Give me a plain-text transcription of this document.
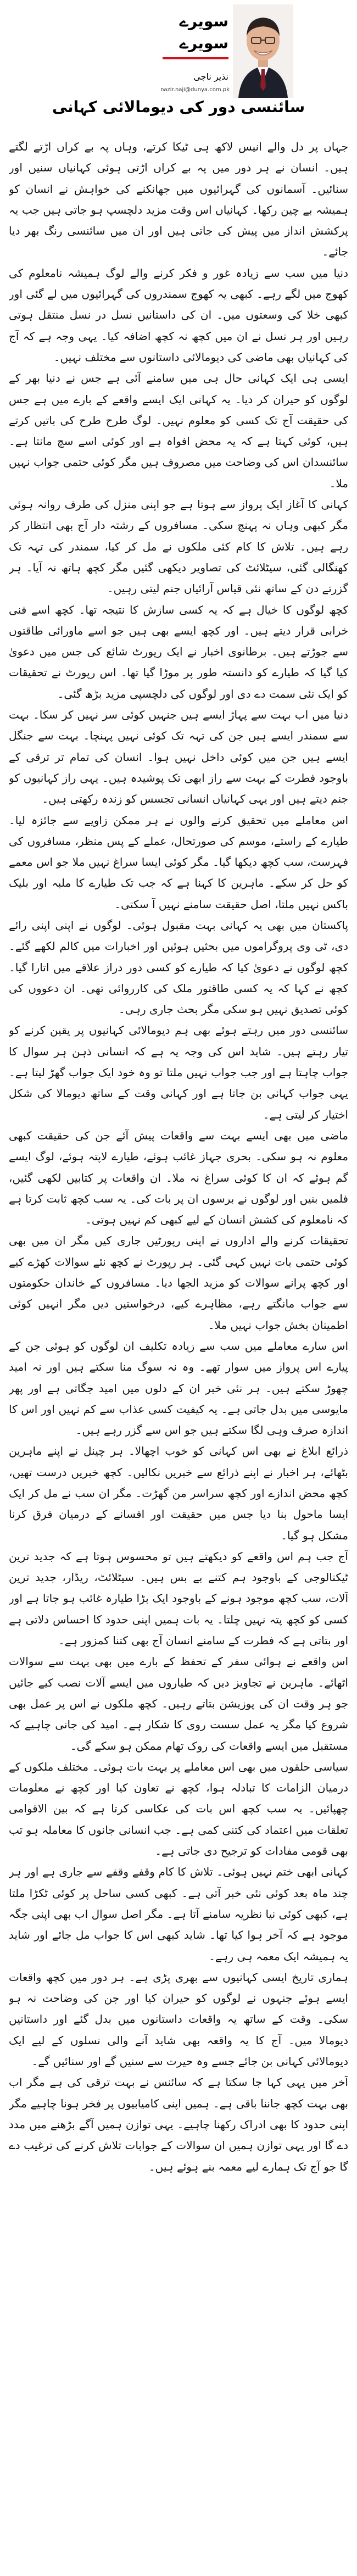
سویرے
سویرے
نذیر ناجی
nazir.naji@dunya.com.pk
سائنسی دور کی دیومالائی کہانی

جہاں پر دل والے انیس لاکھ ہی ٹیکا کرتے، وہاں پہ بے کراں اڑتے لگتے ہیں۔ انسان نے ہر دور میں پہ بے کراں اڑتی ہوئی کہانیاں سنیں اور سنائیں۔ آسمانوں کی گہرائیوں میں جھانکنے کی خواہش نے انسان کو ہمیشہ بے چین رکھا۔ کہانیاں اس وقت مزید دلچسپ ہو جاتی ہیں جب یہ پرکشش انداز میں پیش کی جاتی ہیں اور ان میں سائنسی رنگ بھر دیا جائے۔

دنیا میں سب سے زیادہ غور و فکر کرنے والے لوگ ہمیشہ نامعلوم کی کھوج میں لگے رہے۔ کبھی یہ کھوج سمندروں کی گہرائیوں میں لے گئی اور کبھی خلا کی وسعتوں میں۔ ان کی داستانیں نسل در نسل منتقل ہوتی رہیں اور ہر نسل نے ان میں کچھ نہ کچھ اضافہ کیا۔ یہی وجہ ہے کہ آج کی کہانیاں بھی ماضی کی دیومالائی داستانوں سے مختلف نہیں۔

ایسی ہی ایک کہانی حال ہی میں سامنے آئی ہے جس نے دنیا بھر کے لوگوں کو حیران کر دیا۔ یہ کہانی ایک ایسے واقعے کے بارے میں ہے جس کی حقیقت آج تک کسی کو معلوم نہیں۔ لوگ طرح طرح کی باتیں کرتے ہیں، کوئی کہتا ہے کہ یہ محض افواہ ہے اور کوئی اسے سچ مانتا ہے۔ سائنسدان اس کی وضاحت میں مصروف ہیں مگر کوئی حتمی جواب نہیں ملا۔

کہانی کا آغاز ایک پرواز سے ہوتا ہے جو اپنی منزل کی طرف روانہ ہوئی مگر کبھی وہاں نہ پہنچ سکی۔ مسافروں کے رشتہ دار آج بھی انتظار کر رہے ہیں۔ تلاش کا کام کئی ملکوں نے مل کر کیا، سمندر کی تہہ تک کھنگالی گئی، سیٹلائٹ کی تصاویر دیکھی گئیں مگر کچھ ہاتھ نہ آیا۔ ہر گزرتے دن کے ساتھ نئی قیاس آرائیاں جنم لیتی رہیں۔

کچھ لوگوں کا خیال ہے کہ یہ کسی سازش کا نتیجہ تھا۔ کچھ اسے فنی خرابی قرار دیتے ہیں۔ اور کچھ ایسے بھی ہیں جو اسے ماورائی طاقتوں سے جوڑتے ہیں۔ برطانوی اخبار نے ایک رپورٹ شائع کی جس میں دعویٰ کیا گیا کہ طیارے کو دانستہ طور پر موڑا گیا تھا۔ اس رپورٹ نے تحقیقات کو ایک نئی سمت دے دی اور لوگوں کی دلچسپی مزید بڑھ گئی۔

دنیا میں اب بہت سے پہاڑ ایسے ہیں جنہیں کوئی سر نہیں کر سکا۔ بہت سے سمندر ایسے ہیں جن کی تہہ تک کوئی نہیں پہنچا۔ بہت سے جنگل ایسے ہیں جن میں کوئی داخل نہیں ہوا۔ انسان کی تمام تر ترقی کے باوجود فطرت کے بہت سے راز ابھی تک پوشیدہ ہیں۔ یہی راز کہانیوں کو جنم دیتے ہیں اور یہی کہانیاں انسانی تجسس کو زندہ رکھتی ہیں۔

اس معاملے میں تحقیق کرنے والوں نے ہر ممکن زاویے سے جائزہ لیا۔ طیارے کے راستے، موسم کی صورتحال، عملے کے پس منظر، مسافروں کی فہرست، سب کچھ دیکھا گیا۔ مگر کوئی ایسا سراغ نہیں ملا جو اس معمے کو حل کر سکے۔ ماہرین کا کہنا ہے کہ جب تک طیارے کا ملبہ اور بلیک باکس نہیں ملتا، اصل حقیقت سامنے نہیں آ سکتی۔

پاکستان میں بھی یہ کہانی بہت مقبول ہوئی۔ لوگوں نے اپنی اپنی رائے دی، ٹی وی پروگراموں میں بحثیں ہوئیں اور اخبارات میں کالم لکھے گئے۔ کچھ لوگوں نے دعویٰ کیا کہ طیارے کو کسی دور دراز علاقے میں اتارا گیا۔ کچھ نے کہا کہ یہ کسی طاقتور ملک کی کارروائی تھی۔ ان دعووں کی کوئی تصدیق نہیں ہو سکی مگر بحث جاری رہی۔

سائنسی دور میں رہتے ہوئے بھی ہم دیومالائی کہانیوں پر یقین کرنے کو تیار رہتے ہیں۔ شاید اس کی وجہ یہ ہے کہ انسانی ذہن ہر سوال کا جواب چاہتا ہے اور جب جواب نہیں ملتا تو وہ خود ایک جواب گھڑ لیتا ہے۔ یہی جواب کہانی بن جاتا ہے اور کہانی وقت کے ساتھ دیومالا کی شکل اختیار کر لیتی ہے۔

ماضی میں بھی ایسے بہت سے واقعات پیش آئے جن کی حقیقت کبھی معلوم نہ ہو سکی۔ بحری جہاز غائب ہوئے، طیارے لاپتہ ہوئے، لوگ ایسے گم ہوئے کہ ان کا کوئی سراغ نہ ملا۔ ان واقعات پر کتابیں لکھی گئیں، فلمیں بنیں اور لوگوں نے برسوں ان پر بات کی۔ یہ سب کچھ ثابت کرتا ہے کہ نامعلوم کی کشش انسان کے لیے کبھی کم نہیں ہوتی۔

تحقیقات کرنے والے اداروں نے اپنی رپورٹیں جاری کیں مگر ان میں بھی کوئی حتمی بات نہیں کہی گئی۔ ہر رپورٹ نے کچھ نئے سوالات کھڑے کیے اور کچھ پرانے سوالات کو مزید الجھا دیا۔ مسافروں کے خاندان حکومتوں سے جواب مانگتے رہے، مظاہرے کیے، درخواستیں دیں مگر انہیں کوئی اطمینان بخش جواب نہیں ملا۔

اس سارے معاملے میں سب سے زیادہ تکلیف ان لوگوں کو ہوئی جن کے پیارے اس پرواز میں سوار تھے۔ وہ نہ سوگ منا سکتے ہیں اور نہ امید چھوڑ سکتے ہیں۔ ہر نئی خبر ان کے دلوں میں امید جگاتی ہے اور پھر مایوسی میں بدل جاتی ہے۔ یہ کیفیت کسی عذاب سے کم نہیں اور اس کا اندازہ صرف وہی لگا سکتے ہیں جو اس سے گزر رہے ہیں۔

ذرائع ابلاغ نے بھی اس کہانی کو خوب اچھالا۔ ہر چینل نے اپنے ماہرین بٹھائے، ہر اخبار نے اپنے ذرائع سے خبریں نکالیں۔ کچھ خبریں درست تھیں، کچھ محض اندازے اور کچھ سراسر من گھڑت۔ مگر ان سب نے مل کر ایک ایسا ماحول بنا دیا جس میں حقیقت اور افسانے کے درمیان فرق کرنا مشکل ہو گیا۔

آج جب ہم اس واقعے کو دیکھتے ہیں تو محسوس ہوتا ہے کہ جدید ترین ٹیکنالوجی کے باوجود ہم کتنے بے بس ہیں۔ سیٹلائٹ، ریڈار، جدید ترین آلات، سب کچھ موجود ہونے کے باوجود ایک بڑا طیارہ غائب ہو جاتا ہے اور کسی کو کچھ پتہ نہیں چلتا۔ یہ بات ہمیں اپنی حدود کا احساس دلاتی ہے اور بتاتی ہے کہ فطرت کے سامنے انسان آج بھی کتنا کمزور ہے۔

اس واقعے نے ہوائی سفر کے تحفظ کے بارے میں بھی بہت سے سوالات اٹھائے۔ ماہرین نے تجاویز دیں کہ طیاروں میں ایسے آلات نصب کیے جائیں جو ہر وقت ان کی پوزیشن بتاتے رہیں۔ کچھ ملکوں نے اس پر عمل بھی شروع کیا مگر یہ عمل سست روی کا شکار ہے۔ امید کی جانی چاہیے کہ مستقبل میں ایسے واقعات کی روک تھام ممکن ہو سکے گی۔

سیاسی حلقوں میں بھی اس معاملے پر بہت بات ہوئی۔ مختلف ملکوں کے درمیان الزامات کا تبادلہ ہوا، کچھ نے تعاون کیا اور کچھ نے معلومات چھپائیں۔ یہ سب کچھ اس بات کی عکاسی کرتا ہے کہ بین الاقوامی تعلقات میں اعتماد کی کتنی کمی ہے۔ جب انسانی جانوں کا معاملہ ہو تب بھی قومی مفادات کو ترجیح دی جاتی ہے۔

کہانی ابھی ختم نہیں ہوئی۔ تلاش کا کام وقفے وقفے سے جاری ہے اور ہر چند ماہ بعد کوئی نئی خبر آتی ہے۔ کبھی کسی ساحل پر کوئی ٹکڑا ملتا ہے، کبھی کوئی نیا نظریہ سامنے آتا ہے۔ مگر اصل سوال اب بھی اپنی جگہ موجود ہے کہ آخر ہوا کیا تھا۔ شاید کبھی اس کا جواب مل جائے اور شاید یہ ہمیشہ ایک معمہ ہی رہے۔

ہماری تاریخ ایسی کہانیوں سے بھری پڑی ہے۔ ہر دور میں کچھ واقعات ایسے ہوئے جنہوں نے لوگوں کو حیران کیا اور جن کی وضاحت نہ ہو سکی۔ وقت کے ساتھ یہ واقعات داستانوں میں بدل گئے اور داستانیں دیومالا میں۔ آج کا یہ واقعہ بھی شاید آنے والی نسلوں کے لیے ایک دیومالائی کہانی بن جائے جسے وہ حیرت سے سنیں گے اور سنائیں گے۔

آخر میں یہی کہا جا سکتا ہے کہ سائنس نے بہت ترقی کی ہے مگر اب بھی بہت کچھ جاننا باقی ہے۔ ہمیں اپنی کامیابیوں پر فخر ہونا چاہیے مگر اپنی حدود کا بھی ادراک رکھنا چاہیے۔ یہی توازن ہمیں آگے بڑھنے میں مدد دے گا اور یہی توازن ہمیں ان سوالات کے جوابات تلاش کرنے کی ترغیب دے گا جو آج تک ہمارے لیے معمہ بنے ہوئے ہیں۔
